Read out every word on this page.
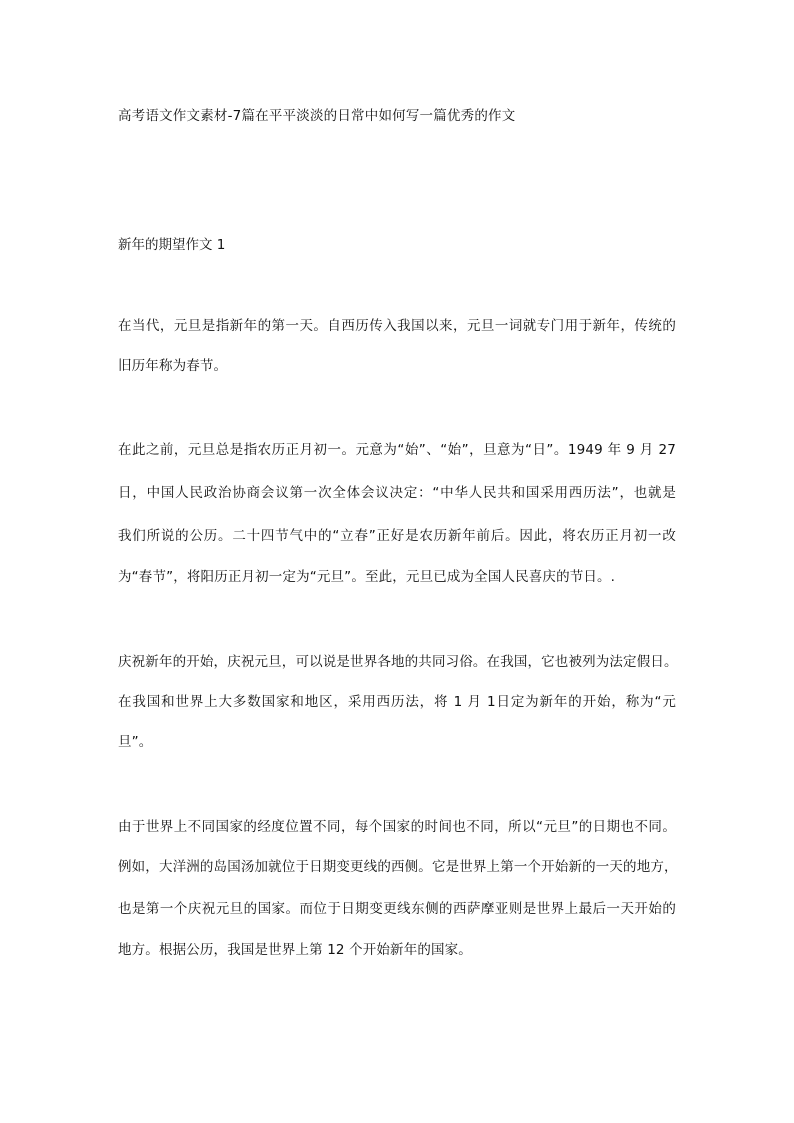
高考语文作文素材-7篇在平平淡淡的日常中如何写一篇优秀的作文
新年的期望作文 1
在当代，元旦是指新年的第一天。自西历传入我国以来，元旦一词就专门用于新年，传统的
旧历年称为春节。
在此之前，元旦总是指农历正月初一。元意为“始”、“始”，旦意为“日”。1949 年 9 月 27
日，中国人民政治协商会议第一次全体会议决定：“中华人民共和国采用西历法”，也就是
我们所说的公历。二十四节气中的“立春”正好是农历新年前后。因此，将农历正月初一改
为“春节”，将阳历正月初一定为“元旦”。至此，元旦已成为全国人民喜庆的节日。.
庆祝新年的开始，庆祝元旦，可以说是世界各地的共同习俗。在我国，它也被列为法定假日。
在我国和世界上大多数国家和地区，采用西历法，将 1 月 1日定为新年的开始，称为“元
旦”。
由于世界上不同国家的经度位置不同，每个国家的时间也不同，所以“元旦”的日期也不同。
例如，大洋洲的岛国汤加就位于日期变更线的西侧。它是世界上第一个开始新的一天的地方，
也是第一个庆祝元旦的国家。而位于日期变更线东侧的西萨摩亚则是世界上最后一天开始的
地方。根据公历，我国是世界上第 12 个开始新年的国家。
